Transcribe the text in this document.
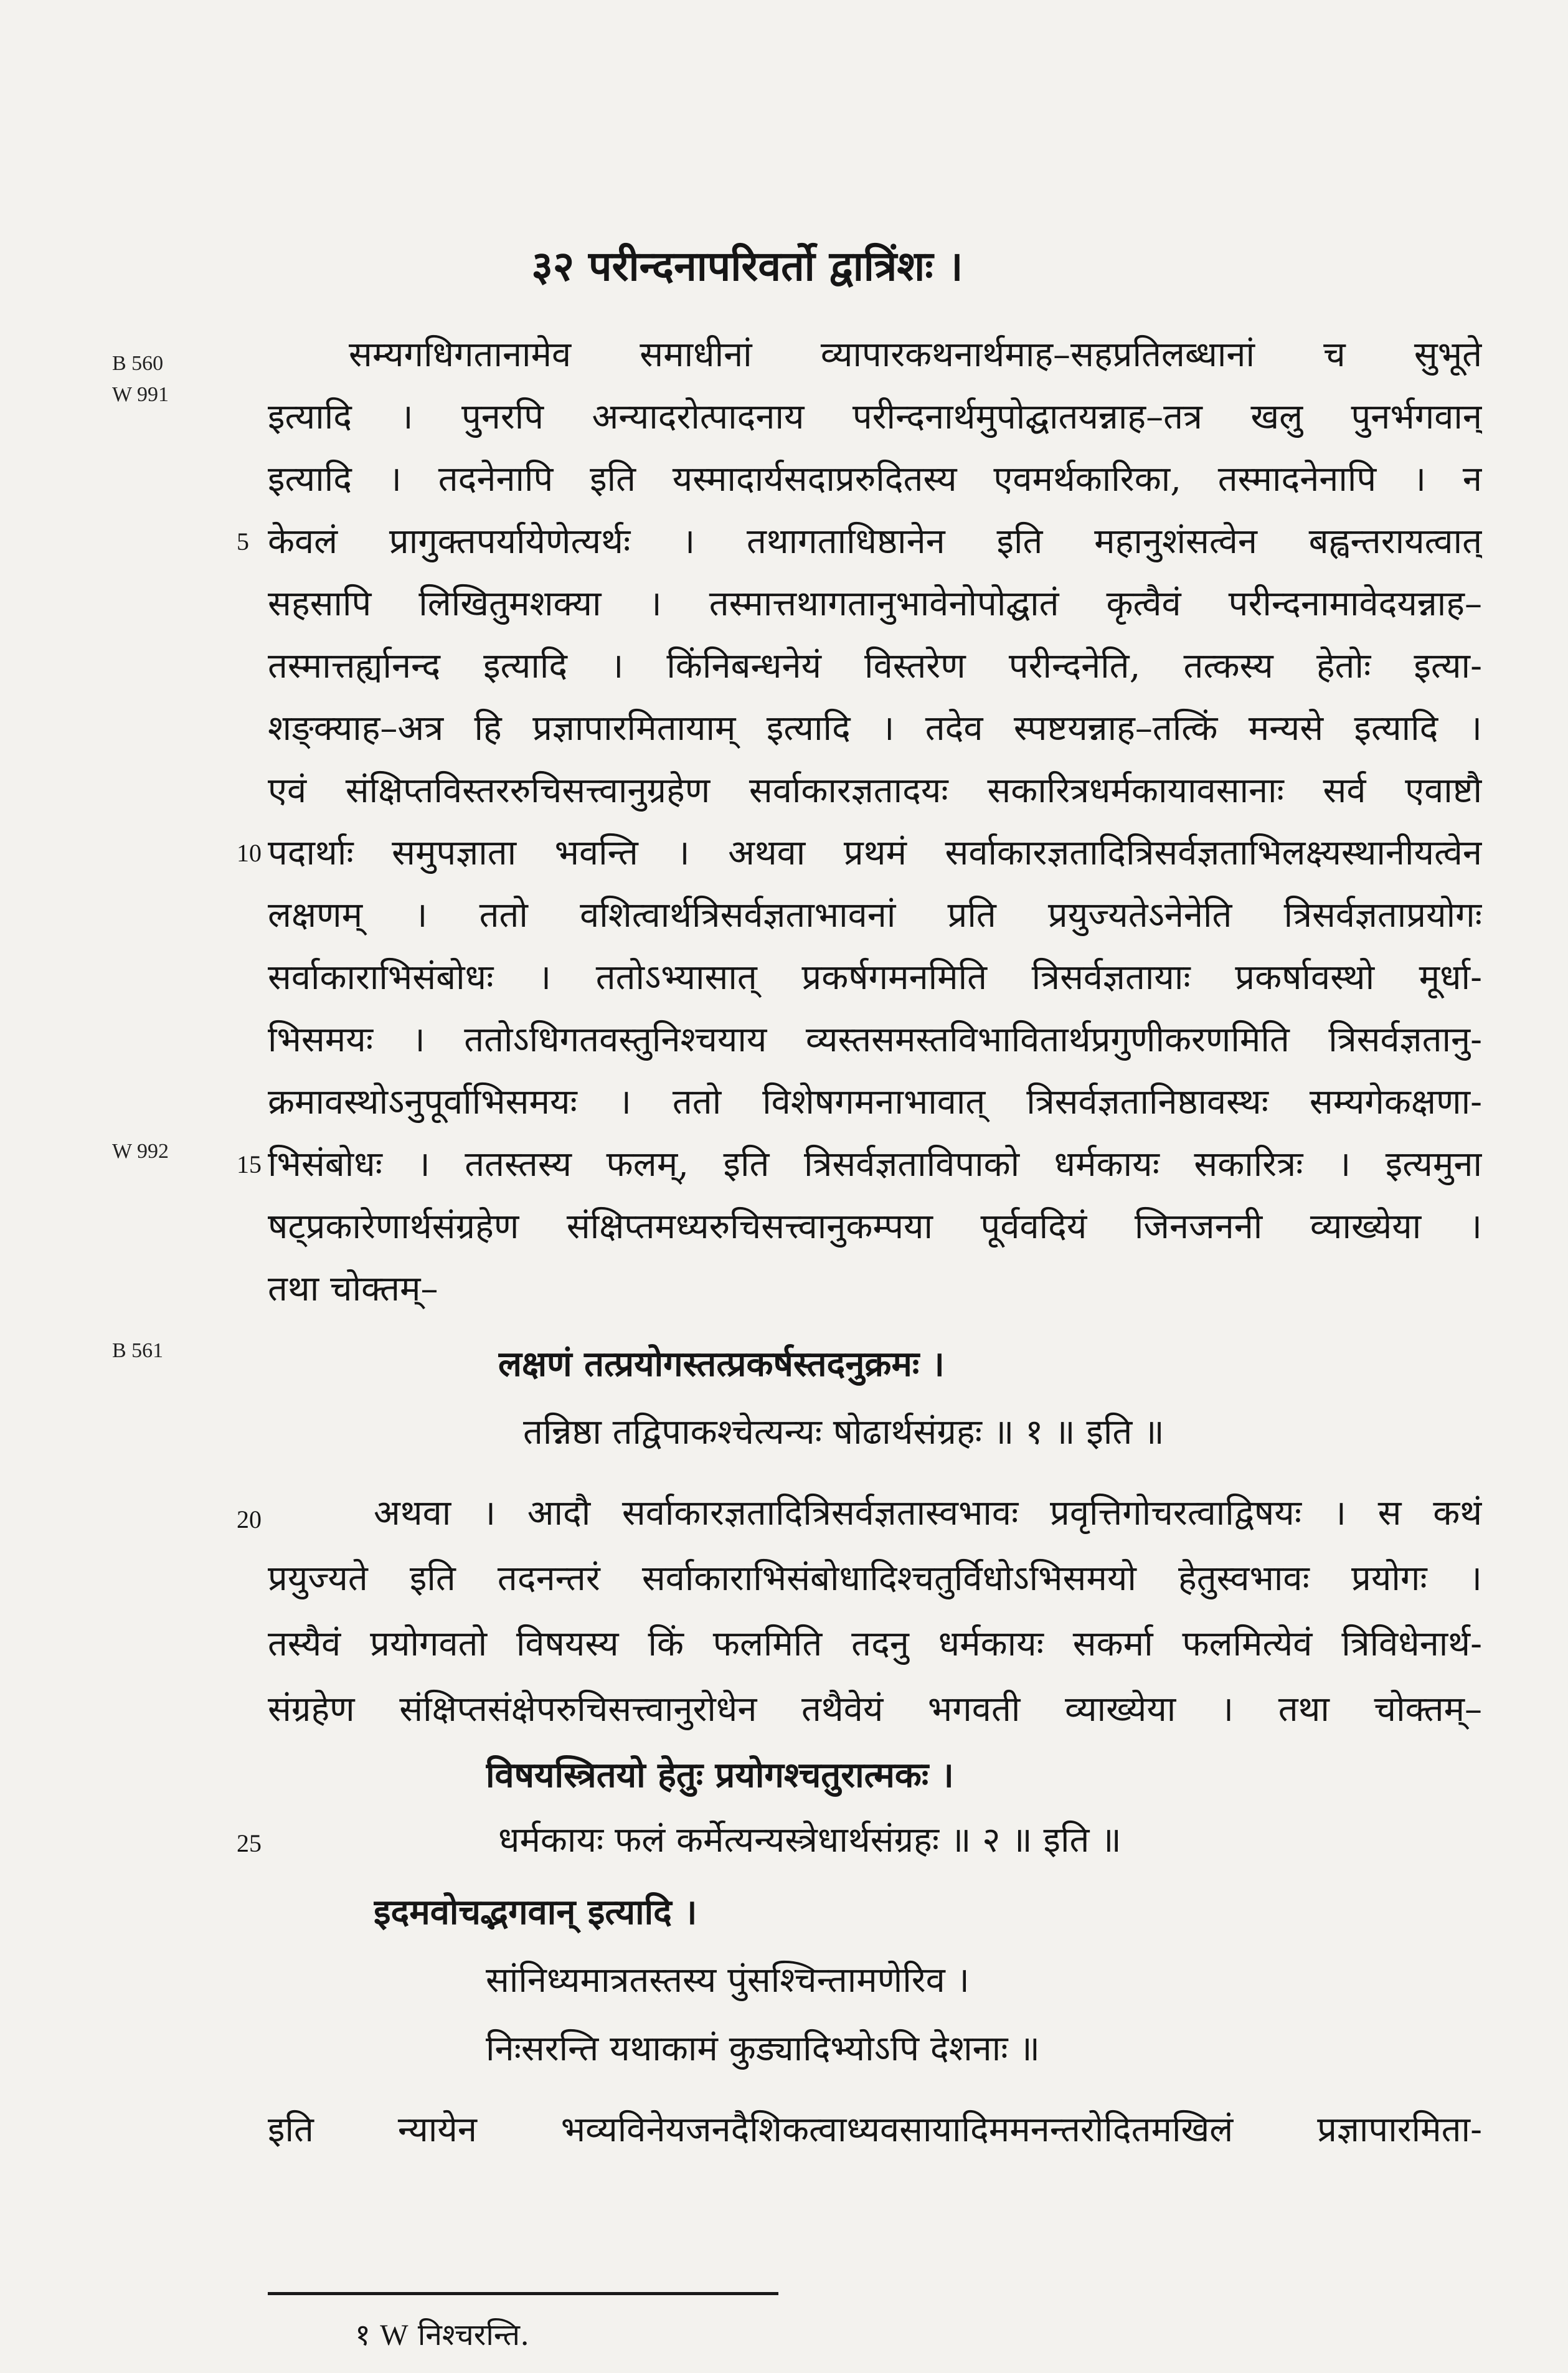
३२ परीन्दनापरिवर्तो द्वात्रिंशः ।
B 560
W 991
W 992
B 561
5
10
15
20
25
सम्यगधिगतानामेव समाधीनां व्यापारकथनार्थमाह–सहप्रतिलब्धानां च सुभूते
इत्यादि । पुनरपि अन्यादरोत्पादनाय परीन्दनार्थमुपोद्घातयन्नाह–तत्र खलु पुनर्भगवान्
इत्यादि । तदनेनापि इति यस्मादार्यसदाप्ररुदितस्य एवमर्थकारिका, तस्मादनेनापि । न
केवलं प्रागुक्तपर्यायेणेत्यर्थः । तथागताधिष्ठानेन इति महानुशंसत्वेन बह्वन्तरायत्वात्
सहसापि लिखितुमशक्या । तस्मात्तथागतानुभावेनोपोद्घातं कृत्वैवं परीन्दनामावेदयन्नाह–
तस्मात्तर्ह्यानन्द इत्यादि । किंनिबन्धनेयं विस्तरेण परीन्दनेति, तत्कस्य हेतोः इत्या-
शङ्क्याह–अत्र हि प्रज्ञापारमितायाम् इत्यादि । तदेव स्पष्टयन्नाह–तत्किं मन्यसे इत्यादि ।
एवं संक्षिप्तविस्तररुचिसत्त्वानुग्रहेण सर्वाकारज्ञतादयः सकारित्रधर्मकायावसानाः सर्व एवाष्टौ
पदार्थाः समुपज्ञाता भवन्ति । अथवा प्रथमं सर्वाकारज्ञतादित्रिसर्वज्ञताभिलक्ष्यस्थानीयत्वेन
लक्षणम् । ततो वशित्वार्थत्रिसर्वज्ञताभावनां प्रति प्रयुज्यतेऽनेनेति त्रिसर्वज्ञताप्रयोगः
सर्वाकाराभिसंबोधः । ततोऽभ्यासात् प्रकर्षगमनमिति त्रिसर्वज्ञतायाः प्रकर्षावस्थो मूर्धा-
भिसमयः । ततोऽधिगतवस्तुनिश्चयाय व्यस्तसमस्तविभावितार्थप्रगुणीकरणमिति त्रिसर्वज्ञतानु-
क्रमावस्थोऽनुपूर्वाभिसमयः । ततो विशेषगमनाभावात् त्रिसर्वज्ञतानिष्ठावस्थः सम्यगेकक्षणा-
भिसंबोधः । ततस्तस्य फलम्, इति त्रिसर्वज्ञताविपाको धर्मकायः सकारित्रः । इत्यमुना
षट्प्रकारेणार्थसंग्रहेण संक्षिप्तमध्यरुचिसत्त्वानुकम्पया पूर्ववदियं जिनजननी व्याख्येया ।
तथा चोक्तम्–
लक्षणं तत्प्रयोगस्तत्प्रकर्षस्तदनुक्रमः ।
तन्निष्ठा तद्विपाकश्चेत्यन्यः षोढार्थसंग्रहः ॥ १ ॥ इति ॥
अथवा । आदौ सर्वाकारज्ञतादित्रिसर्वज्ञतास्वभावः प्रवृत्तिगोचरत्वाद्विषयः । स कथं
प्रयुज्यते इति तदनन्तरं सर्वाकाराभिसंबोधादिश्चतुर्विधोऽभिसमयो हेतुस्वभावः प्रयोगः ।
तस्यैवं प्रयोगवतो विषयस्य किं फलमिति तदनु धर्मकायः सकर्मा फलमित्येवं त्रिविधेनार्थ-
संग्रहेण संक्षिप्तसंक्षेपरुचिसत्त्वानुरोधेन तथैवेयं भगवती व्याख्येया । तथा चोक्तम्–
विषयस्त्रितयो हेतुः प्रयोगश्चतुरात्मकः ।
धर्मकायः फलं कर्मेत्यन्यस्त्रेधार्थसंग्रहः ॥ २ ॥ इति ॥
इदमवोचद्भगवान् इत्यादि ।
सांनिध्यमात्रतस्तस्य पुंसश्चिन्तामणेरिव ।
निःसरन्ति यथाकामं कुड्यादिभ्योऽपि देशनाः ॥
इति न्यायेन भव्यविनेयजनदैशिकत्वाध्यवसायादिममनन्तरोदितमखिलं प्रज्ञापारमिता-
१ W निश्चरन्ति.
